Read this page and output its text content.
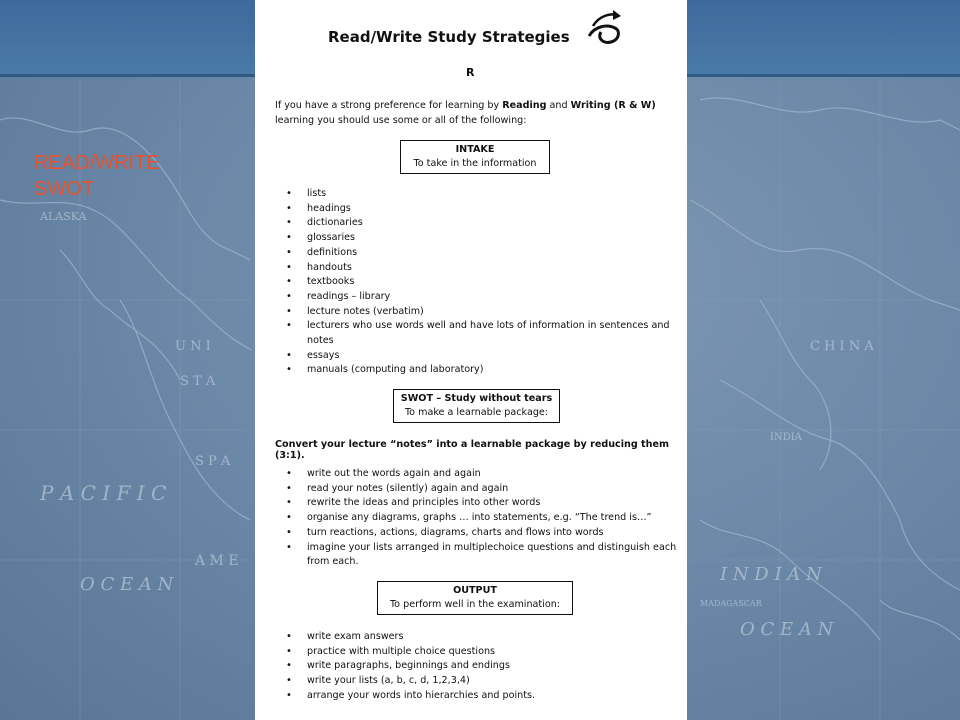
ALASKA
P A C I F I C
O C E A N
A M E
U N I
S T A
S P A
C H I N A
INDIA
I N D I A N
O C E A N
MADAGASCAR
READ/WRITE
SWOT
Read/Write Study Strategies
R
If you have a strong preference for learning by Reading and Writing (R & W) learning you should use some or all of the following:
INTAKE
To take in the information
• lists
• headings
• dictionaries
• glossaries
• definitions
• handouts
• textbooks
• readings – library
• lecture notes (verbatim)
• lecturers who use words well and have lots of information in sentences and notes
• essays
• manuals (computing and laboratory)
SWOT – Study without tears
To make a learnable package:
Convert your lecture “notes” into a learnable package by reducing them (3:1).
• write out the words again and again
• read your notes (silently) again and again
• rewrite the ideas and principles into other words
• organise any diagrams, graphs … into statements, e.g. “The trend is…”
• turn reactions, actions, diagrams, charts and flows into words
• imagine your lists arranged in multiplechoice questions and distinguish each from each.
OUTPUT
To perform well in the examination:
• write exam answers
• practice with multiple choice questions
• write paragraphs, beginnings and endings
• write your lists (a, b, c, d, 1,2,3,4)
• arrange your words into hierarchies and points.
